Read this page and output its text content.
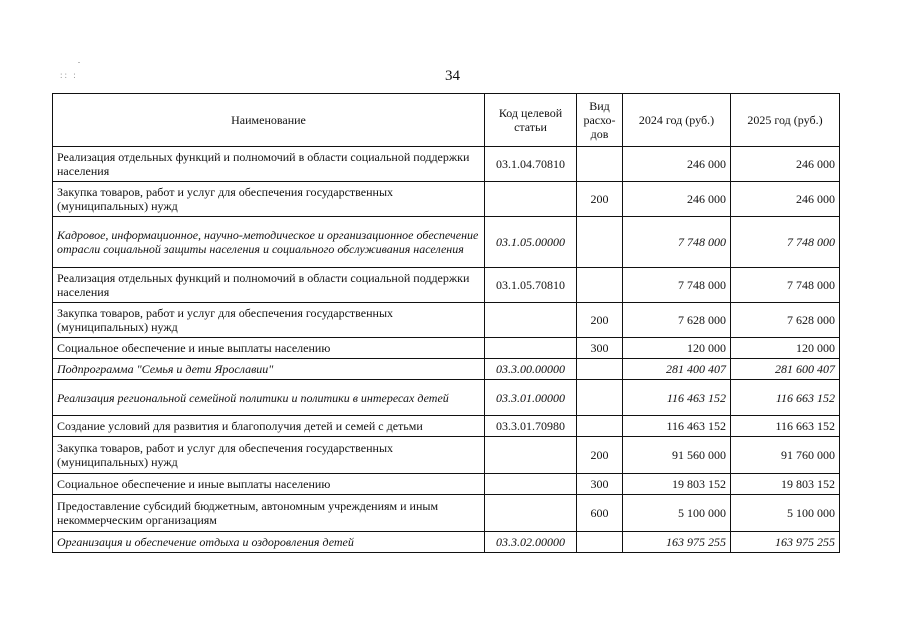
:: :	34
Наименование	Код целевой статьи	Вид расхо-дов	2024 год (руб.)	2025 год (руб.)
Реализация отдельных функций и полномочий в области социальной поддержки населения	03.1.04.70810		246 000	246 000
Закупка товаров, работ и услуг для обеспечения государственных (муниципальных) нужд		200	246 000	246 000
Кадровое, информационное, научно-методическое и организационное обеспечение отрасли социальной защиты населения и социального обслуживания населения	03.1.05.00000		7 748 000	7 748 000
Реализация отдельных функций и полномочий в области социальной поддержки населения	03.1.05.70810		7 748 000	7 748 000
Закупка товаров, работ и услуг для обеспечения государственных (муниципальных) нужд		200	7 628 000	7 628 000
Социальное обеспечение и иные выплаты населению		300	120 000	120 000
Подпрограмма "Семья и дети Ярославии"	03.3.00.00000		281 400 407	281 600 407
Реализация региональной семейной политики и политики в интересах детей	03.3.01.00000		116 463 152	116 663 152
Создание условий для развития и благополучия детей и семей с детьми	03.3.01.70980		116 463 152	116 663 152
Закупка товаров, работ и услуг для обеспечения государственных (муниципальных) нужд		200	91 560 000	91 760 000
Социальное обеспечение и иные выплаты населению		300	19 803 152	19 803 152
Предоставление субсидий бюджетным, автономным учреждениям и иным некоммерческим организациям		600	5 100 000	5 100 000
Организация и обеспечение отдыха и оздоровления детей	03.3.02.00000		163 975 255	163 975 255
